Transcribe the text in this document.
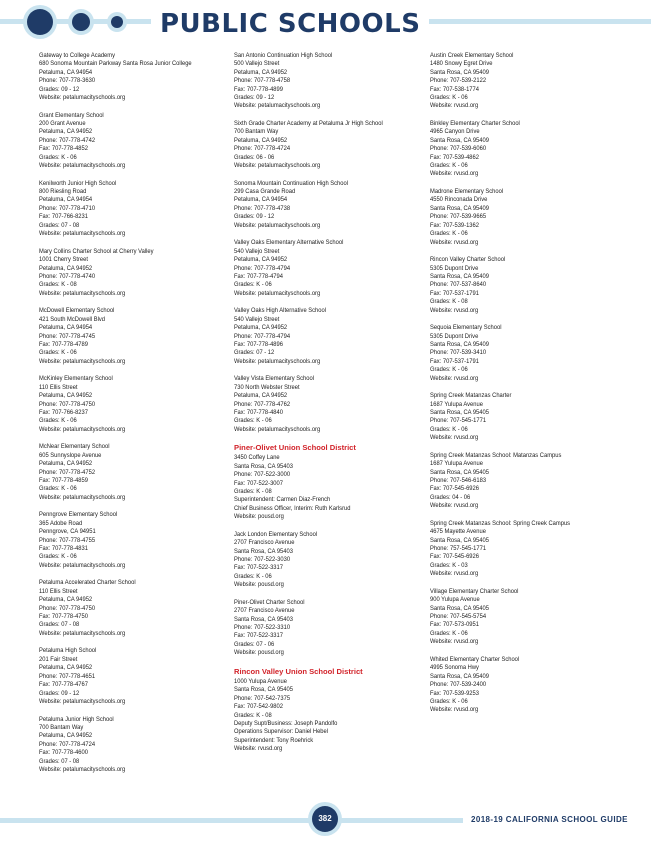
PUBLIC SCHOOLS
Gateway to College Academy
680 Sonoma Mountain Parkway Santa Rosa Junior College
Petaluma, CA 94954
Phone: 707-778-3630
Grades: 09 - 12
Website: petalumacityschools.org
Grant Elementary School
200 Grant Avenue
Petaluma, CA 94952
Phone: 707-778-4742
Fax: 707-778-4852
Grades: K - 06
Website: petalumacityschools.org
Kenilworth Junior High School
800 Riesling Road
Petaluma, CA 94954
Phone: 707-778-4710
Fax: 707-766-8231
Grades: 07 - 08
Website: petalumacityschools.org
Mary Collins Charter School at Cherry Valley
1001 Cherry Street
Petaluma, CA 94952
Phone: 707-778-4740
Grades: K - 08
Website: petalumacityschools.org
McDowell Elementary School
421 South McDowell Blvd
Petaluma, CA 94954
Phone: 707-778-4745
Fax: 707-778-4789
Grades: K - 06
Website: petalumacityschools.org
McKinley Elementary School
110 Ellis Street
Petaluma, CA 94952
Phone: 707-778-4750
Fax: 707-766-8237
Grades: K - 06
Website: petalumacityschools.org
McNear Elementary School
605 Sunnyslope Avenue
Petaluma, CA 94952
Phone: 707-778-4752
Fax: 707-778-4859
Grades: K - 06
Website: petalumacityschools.org
Penngrove Elementary School
365 Adobe Road
Penngrove, CA 94951
Phone: 707-778-4755
Fax: 707-778-4831
Grades: K - 06
Website: petalumacityschools.org
Petaluma Accelerated Charter School
110 Ellis Street
Petaluma, CA 94952
Phone: 707-778-4750
Fax: 707-778-4750
Grades: 07 - 08
Website: petalumacityschools.org
Petaluma High School
201 Fair Street
Petaluma, CA 94952
Phone: 707-778-4651
Fax: 707-778-4767
Grades: 09 - 12
Website: petalumacityschools.org
Petaluma Junior High School
700 Bantam Way
Petaluma, CA 94952
Phone: 707-778-4724
Fax: 707-778-4600
Grades: 07 - 08
Website: petalumacityschools.org
San Antonio Continuation High School
500 Vallejo Street
Petaluma, CA 94952
Phone: 707-778-4758
Fax: 707-778-4899
Grades: 09 - 12
Website: petalumacityschools.org
Sixth Grade Charter Academy at Petaluma Jr High School
700 Bantam Way
Petaluma, CA 94952
Phone: 707-778-4724
Grades: 06 - 06
Website: petalumacityschools.org
Sonoma Mountain Continuation High School
299 Casa Grande Road
Petaluma, CA 94954
Phone: 707-778-4738
Grades: 09 - 12
Website: petalumacityschools.org
Valley Oaks Elementary Alternative School
540 Vallejo Street
Petaluma, CA 94952
Phone: 707-778-4794
Fax: 707-778-4794
Grades: K - 06
Website: petalumacityschools.org
Valley Oaks High Alternative School
540 Vallejo Street
Petaluma, CA 94952
Phone: 707-778-4794
Fax: 707-778-4896
Grades: 07 - 12
Website: petalumacityschools.org
Valley Vista Elementary School
730 North Webster Street
Petaluma, CA 94952
Phone: 707-778-4762
Fax: 707-778-4840
Grades: K - 06
Website: petalumacityschools.org
Piner-Olivet Union School District
3450 Coffey Lane
Santa Rosa, CA 95403
Phone: 707-522-3000
Fax: 707-522-3007
Grades: K - 08
Superintendent: Carmen Diaz-French
Chief Business Officer, Interim: Ruth Karlsrud
Website: pousd.org
Jack London Elementary School
2707 Francisco Avenue
Santa Rosa, CA 95403
Phone: 707-522-3030
Fax: 707-522-3317
Grades: K - 06
Website: pousd.org
Piner-Olivet Charter School
2707 Francisco Avenue
Santa Rosa, CA 95403
Phone: 707-522-3310
Fax: 707-522-3317
Grades: 07 - 06
Website: pousd.org
Rincon Valley Union School District
1000 Yulupa Avenue
Santa Rosa, CA 95405
Phone: 707-542-7375
Fax: 707-542-9802
Grades: K - 08
Deputy Supt/Business: Joseph Pandolfo
Operations Supervisor: Daniel Hebel
Superintendent: Tony Roehrick
Website: rvusd.org
Austin Creek Elementary School
1480 Snowy Egret Drive
Santa Rosa, CA 95409
Phone: 707-539-2122
Fax: 707-538-1774
Grades: K - 06
Website: rvusd.org
Binkley Elementary Charter School
4965 Canyon Drive
Santa Rosa, CA 95409
Phone: 707-539-6060
Fax: 707-539-4862
Grades: K - 06
Website: rvusd.org
Madrone Elementary School
4550 Rinconada Drive
Santa Rosa, CA 95409
Phone: 707-539-9665
Fax: 707-539-1362
Grades: K - 06
Website: rvusd.org
Rincon Valley Charter School
5305 Dupont Drive
Santa Rosa, CA 95409
Phone: 707-537-8640
Fax: 707-537-1791
Grades: K - 08
Website: rvusd.org
Sequoia Elementary School
5305 Dupont Drive
Santa Rosa, CA 95409
Phone: 707-539-3410
Fax: 707-537-1791
Grades: K - 06
Website: rvusd.org
Spring Creek Matanzas Charter
1687 Yulupa Avenue
Santa Rosa, CA 95405
Phone: 707-545-1771
Grades: K - 06
Website: rvusd.org
Spring Creek Matanzas School: Matanzas Campus
1687 Yulupa Avenue
Santa Rosa, CA 95405
Phone: 707-546-6183
Fax: 707-545-6926
Grades: 04 - 06
Website: rvusd.org
Spring Creek Matanzas School: Spring Creek Campus
4675 Mayette Avenue
Santa Rosa, CA 95405
Phone: 757-545-1771
Fax: 707-545-6926
Grades: K - 03
Website: rvusd.org
Village Elementary Charter School
900 Yulupa Avenue
Santa Rosa, CA 95405
Phone: 707-545-5754
Fax: 707-573-0951
Grades: K - 06
Website: rvusd.org
Whited Elementary Charter School
4995 Sonoma Hwy
Santa Rosa, CA 95409
Phone: 707-539-2400
Fax: 707-539-9253
Grades: K - 06
Website: rvusd.org
382	2018-19 CALIFORNIA SCHOOL GUIDE
